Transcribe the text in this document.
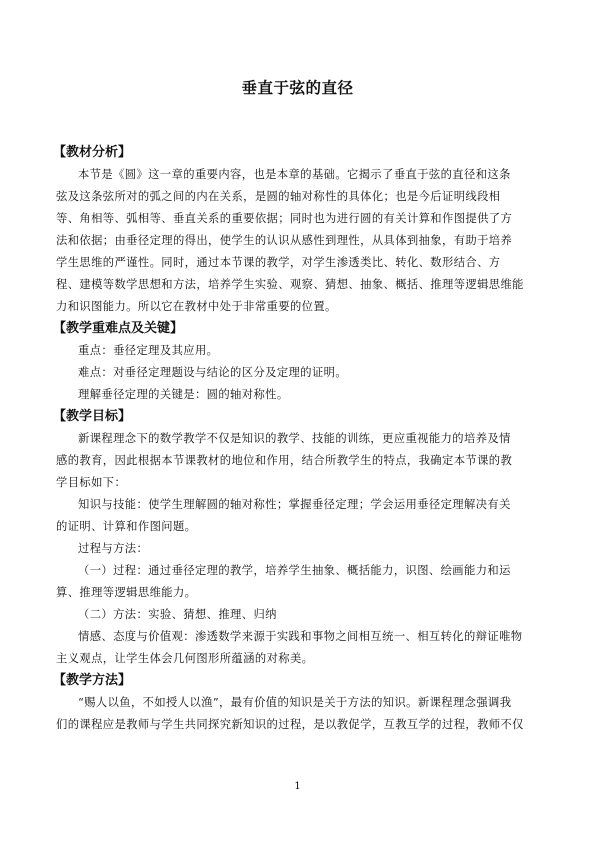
垂直于弦的直径
【教材分析】
本节是《圆》这一章的重要内容，也是本章的基础。它揭示了垂直于弦的直径和这条
弦及这条弦所对的弧之间的内在关系，是圆的轴对称性的具体化；也是今后证明线段相
等、角相等、弧相等、垂直关系的重要依据；同时也为进行圆的有关计算和作图提供了方
法和依据；由垂径定理的得出，使学生的认识从感性到理性，从具体到抽象，有助于培养
学生思维的严谨性。同时，通过本节课的教学，对学生渗透类比、转化、数形结合、方
程、建模等数学思想和方法，培养学生实验、观察、猜想、抽象、概括、推理等逻辑思维能
力和识图能力。所以它在教材中处于非常重要的位置。
【教学重难点及关键】
重点：垂径定理及其应用。
难点：对垂径定理题设与结论的区分及定理的证明。
理解垂径定理的关键是：圆的轴对称性。
【教学目标】
新课程理念下的数学教学不仅是知识的教学、技能的训练，更应重视能力的培养及情
感的教育，因此根据本节课教材的地位和作用，结合所教学生的特点，我确定本节课的教
学目标如下：
知识与技能：使学生理解圆的轴对称性；掌握垂径定理；学会运用垂径定理解决有关
的证明、计算和作图问题。
过程与方法：
（一）过程：通过垂径定理的教学，培养学生抽象、概括能力，识图、绘画能力和运
算、推理等逻辑思维能力。
（二）方法：实验、猜想、推理、归纳
情感、态度与价值观：渗透数学来源于实践和事物之间相互统一、相互转化的辩证唯物
主义观点，让学生体会几何图形所蕴涵的对称美。
【教学方法】
“赐人以鱼，不如授人以渔”，最有价值的知识是关于方法的知识。新课程理念强调我
们的课程应是教师与学生共同探究新知识的过程，是以教促学，互教互学的过程，教师不仅
1
